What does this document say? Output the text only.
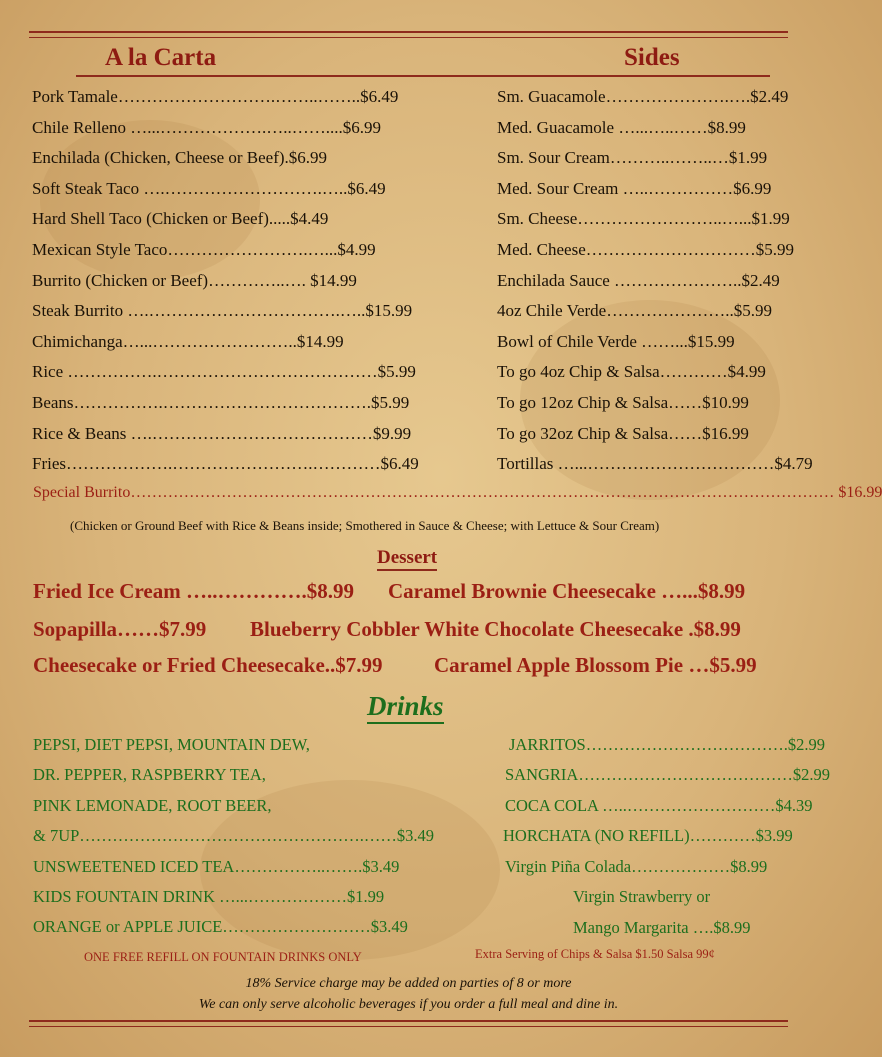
A la Carta	Sides
Pork Tamale……………………….……..……..$6.49
Chile Relleno …...……………….…..……....$6.99
Enchilada (Chicken, Cheese or Beef).$6.99
Soft Steak Taco ….……………………….…..$6.49
Hard Shell Taco (Chicken or Beef).....$4.49
Mexican Style Taco…………………….…...$4.99
Burrito (Chicken or Beef)…………..…. $14.99
Steak Burrito ….…………………………….…..$15.99
Chimichanga…...……………………..$14.99
Rice …………….…………………………………$5.99
Beans…………….……………………………….$5.99
Rice & Beans ….…………………………………$9.99
Fries……………….…………………….…………$6.49
Sm. Guacamole………………….….$2.49
Med. Guacamole …...…..……$8.99
Sm. Sour Cream………..……..…$1.99
Med. Sour Cream …..……………$6.99
Sm. Cheese……………………..…...$1.99
Med. Cheese…………………………$5.99
Enchilada Sauce …………………..$2.49
4oz Chile Verde…………………..$5.99
Bowl of Chile Verde ……...$15.99
To go 4oz Chip & Salsa…………$4.99
To go 12oz Chip & Salsa……$10.99
To go 32oz Chip & Salsa……$16.99
Tortillas …...……………………………$4.79
Special Burrito…………………………………………………………………………………………………………………… $16.99
(Chicken or Ground Beef with Rice & Beans inside; Smothered in Sauce & Cheese; with Lettuce & Sour Cream)
Dessert
Fried Ice Cream …..………….$8.99 Caramel Brownie Cheesecake …...$8.99
Sopapilla……$7.99 Blueberry Cobbler White Chocolate Cheesecake .$8.99
Cheesecake or Fried Cheesecake..$7.99 Caramel Apple Blossom Pie …$5.99
Drinks
PEPSI, DIET PEPSI, MOUNTAIN DEW,
DR. PEPPER, RASPBERRY TEA,
PINK LEMONADE, ROOT BEER,
& 7UP…………………………………………….……$3.49
UNSWEETENED ICED TEA……………..…….$3.49
KIDS FOUNTAIN DRINK …...………………$1.99
ORANGE or APPLE JUICE………………………$3.49
JARRITOS……………………………….$2.99
SANGRIA…………………………………$2.99
COCA COLA …..………………………$4.39
HORCHATA (NO REFILL)…………$3.99
Virgin Piña Colada………………$8.99
Virgin Strawberry or
Mango Margarita ….$8.99
ONE FREE REFILL ON FOUNTAIN DRINKS ONLY	Extra Serving of Chips & Salsa $1.50 Salsa 99¢
18% Service charge may be added on parties of 8 or more
We can only serve alcoholic beverages if you order a full meal and dine in.
